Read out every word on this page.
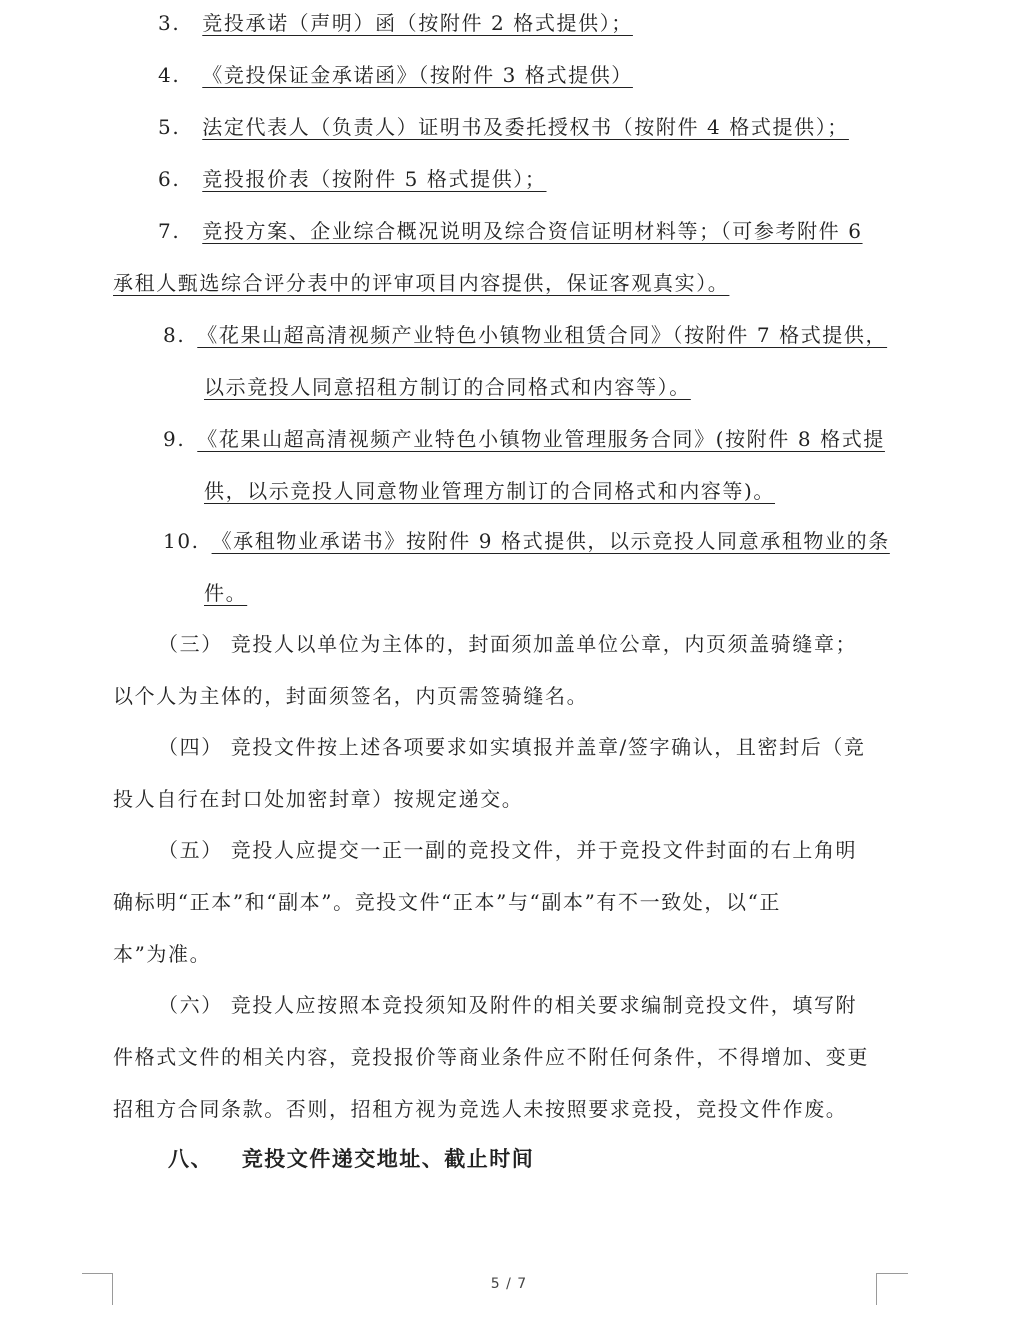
3. 竞投承诺（声明）函（按附件 2 格式提供）；
4. 《竞投保证金承诺函》（按附件 3 格式提供）
5. 法定代表人（负责人）证明书及委托授权书（按附件 4 格式提供）；
6. 竞投报价表（按附件 5 格式提供）；
7. 竞投方案、企业综合概况说明及综合资信证明材料等；（可参考附件 6
承租人甄选综合评分表中的评审项目内容提供，保证客观真实）。
8. 《花果山超高清视频产业特色小镇物业租赁合同》（按附件 7 格式提供，
以示竞投人同意招租方制订的合同格式和内容等）。
9. 《花果山超高清视频产业特色小镇物业管理服务合同》(按附件 8 格式提
供，以示竞投人同意物业管理方制订的合同格式和内容等)。
10. 《承租物业承诺书》按附件 9 格式提供，以示竞投人同意承租物业的条
件。
（三） 竞投人以单位为主体的，封面须加盖单位公章，内页须盖骑缝章；
以个人为主体的，封面须签名，内页需签骑缝名。
（四） 竞投文件按上述各项要求如实填报并盖章/签字确认，且密封后（竞
投人自行在封口处加密封章）按规定递交。
（五） 竞投人应提交一正一副的竞投文件，并于竞投文件封面的右上角明
确标明“正本”和“副本”。竞投文件“正本”与“副本”有不一致处，以“正
本”为准。
（六） 竞投人应按照本竞投须知及附件的相关要求编制竞投文件，填写附
件格式文件的相关内容，竞投报价等商业条件应不附任何条件，不得增加、变更
招租方合同条款。否则，招租方视为竞选人未按照要求竞投，竞投文件作废。
八、 竞投文件递交地址、截止时间
5 / 7
